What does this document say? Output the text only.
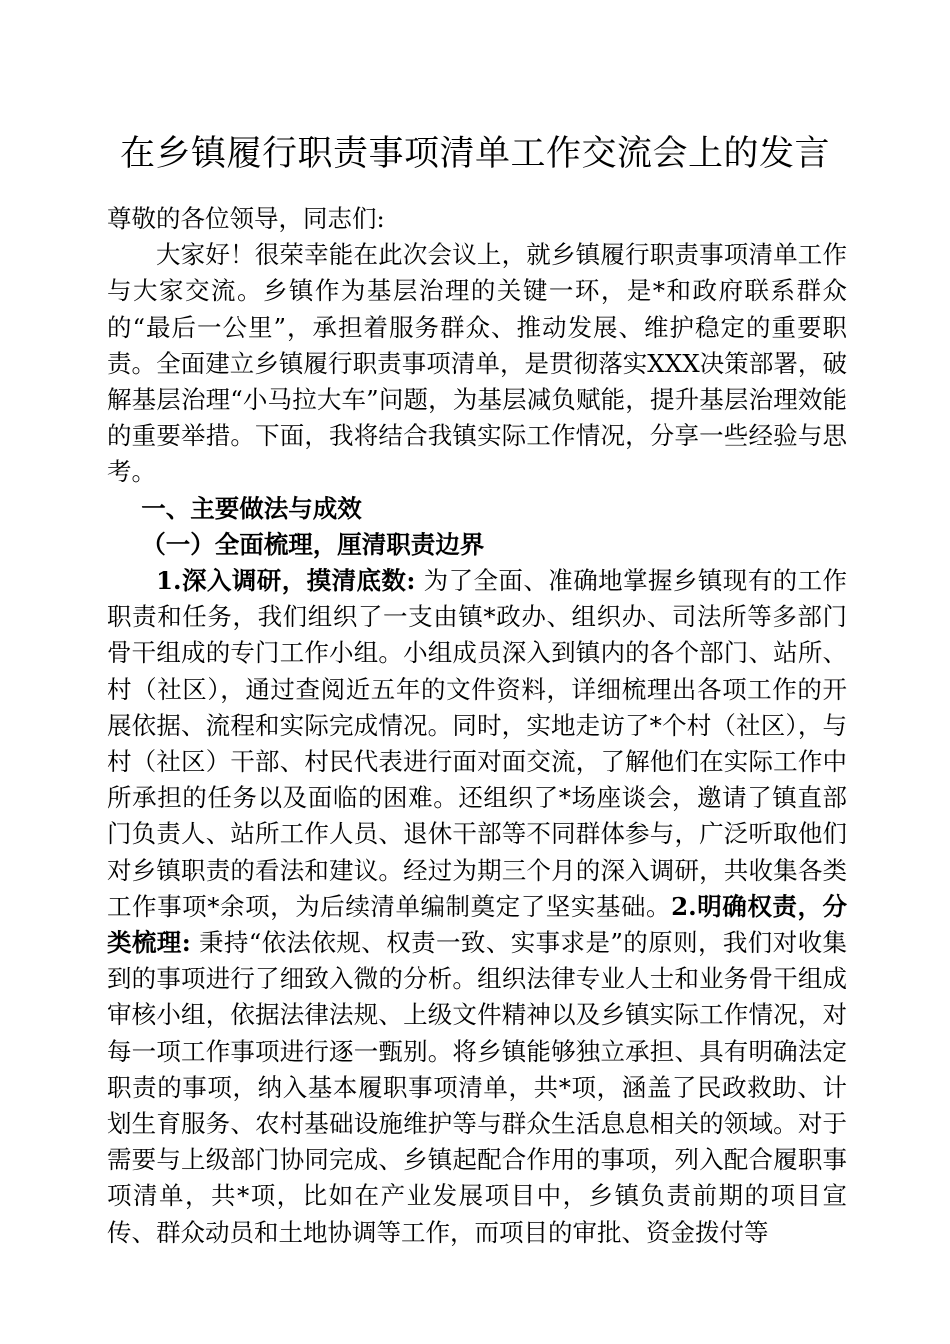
在乡镇履行职责事项清单工作交流会上的发言

尊敬的各位领导，同志们:

大家好！很荣幸能在此次会议上，就乡镇履行职责事项清单工作与大家交流。乡镇作为基层治理的关键一环，是*和政府联系群众的“最后一公里”，承担着服务群众、推动发展、维护稳定的重要职责。全面建立乡镇履行职责事项清单，是贯彻落实XXX决策部署，破解基层治理“小马拉大车”问题，为基层减负赋能，提升基层治理效能的重要举措。下面，我将结合我镇实际工作情况，分享一些经验与思考。

一、主要做法与成效

（一）全面梳理，厘清职责边界

1.深入调研，摸清底数: 为了全面、准确地掌握乡镇现有的工作职责和任务，我们组织了一支由镇*政办、组织办、司法所等多部门骨干组成的专门工作小组。小组成员深入到镇内的各个部门、站所、村（社区），通过查阅近五年的文件资料，详细梳理出各项工作的开展依据、流程和实际完成情况。同时，实地走访了*个村（社区），与村（社区）干部、村民代表进行面对面交流，了解他们在实际工作中所承担的任务以及面临的困难。还组织了*场座谈会，邀请了镇直部门负责人、站所工作人员、退休干部等不同群体参与，广泛听取他们对乡镇职责的看法和建议。经过为期三个月的深入调研，共收集各类工作事项*余项，为后续清单编制奠定了坚实基础。2.明确权责，分类梳理: 秉持“依法依规、权责一致、实事求是”的原则，我们对收集到的事项进行了细致入微的分析。组织法律专业人士和业务骨干组成审核小组，依据法律法规、上级文件精神以及乡镇实际工作情况，对每一项工作事项进行逐一甄别。将乡镇能够独立承担、具有明确法定职责的事项，纳入基本履职事项清单，共*项，涵盖了民政救助、计划生育服务、农村基础设施维护等与群众生活息息相关的领域。对于需要与上级部门协同完成、乡镇起配合作用的事项，列入配合履职事项清单，共*项，比如在产业发展项目中，乡镇负责前期的项目宣传、群众动员和土地协调等工作，而项目的审批、资金拨付等
